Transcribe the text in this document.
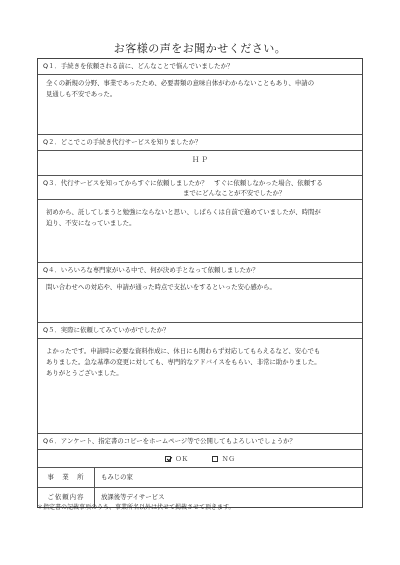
お客様の声をお聞かせください。
Q１．手続きを依頼される前に、どんなことで悩んでいましたか？

全くの新規の分野、事業であったため、必要書類の意味自体がわからないこともあり、申請の

見通しも不安であった。

Q２．どこでこの手続き代行サービスを知りましたか？
ＨＰ
Q３．代行サービスを知ってからすぐに依頼しましたか？　すぐに依頼しなかった場合、依頼する
までにどんなことが不安でしたか？

初めから、託してしまうと勉強にならないと思い、しばらくは自前で進めていましたが、時間が

迫り、不安になっていました。

Q４．いろいろな専門家がいる中で、何が決め手となって依頼しましたか？

問い合わせへの対応や、申請が通った時点で支払いをするといった安心感から。

Q５．実際に依頼してみていかがでしたか？

よかったです。申請時に必要な資料作成に、休日にも関わらず対応してもらえるなど、安心でも

ありました。急な基準の変更に対しても、専門的なアドバイスをもらい、非常に助かりました。

ありがとうございました。

Q６．アンケート、指定書のコピーをホームページ等で公開してもよろしいでしょうか？
ＯＫ	ＮＧ
事　業　所	もみじの家
ご依頼内容	放課後等デイサービス
＊指定書の記載事項のうち、事業所名以外は伏せて掲載させて頂きます。
